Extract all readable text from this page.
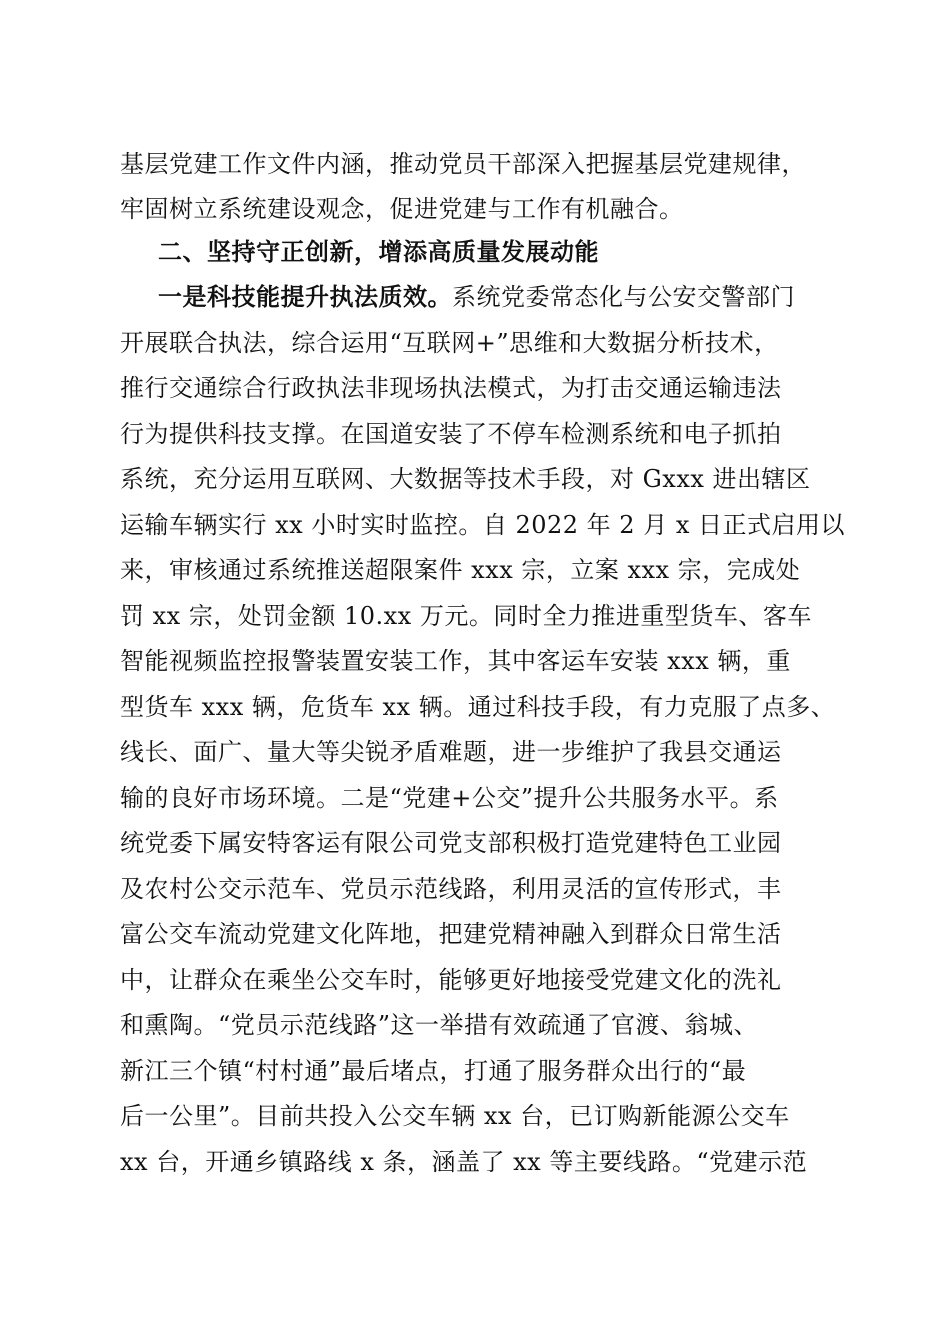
基层党建工作文件内涵，推动党员干部深入把握基层党建规律，
牢固树立系统建设观念，促进党建与工作有机融合。
二、坚持守正创新，增添高质量发展动能
一是科技能提升执法质效。系统党委常态化与公安交警部门
开展联合执法，综合运用“互联网+”思维和大数据分析技术，
推行交通综合行政执法非现场执法模式，为打击交通运输违法
行为提供科技支撑。在国道安装了不停车检测系统和电子抓拍
系统，充分运用互联网、大数据等技术手段，对 Gxxx 进出辖区
运输车辆实行 xx 小时实时监控。自 2022 年 2 月 x 日正式启用以
来，审核通过系统推送超限案件 xxx 宗，立案 xxx 宗，完成处
罚 xx 宗，处罚金额 10.xx 万元。同时全力推进重型货车、客车
智能视频监控报警装置安装工作，其中客运车安装 xxx 辆，重
型货车 xxx 辆，危货车 xx 辆。通过科技手段，有力克服了点多、
线长、面广、量大等尖锐矛盾难题，进一步维护了我县交通运
输的良好市场环境。二是“党建+公交”提升公共服务水平。系
统党委下属安特客运有限公司党支部积极打造党建特色工业园
及农村公交示范车、党员示范线路，利用灵活的宣传形式，丰
富公交车流动党建文化阵地，把建党精神融入到群众日常生活
中，让群众在乘坐公交车时，能够更好地接受党建文化的洗礼
和熏陶。“党员示范线路”这一举措有效疏通了官渡、翁城、
新江三个镇“村村通”最后堵点，打通了服务群众出行的“最
后一公里”。目前共投入公交车辆 xx 台，已订购新能源公交车
xx 台，开通乡镇路线 x 条，涵盖了 xx 等主要线路。“党建示范
